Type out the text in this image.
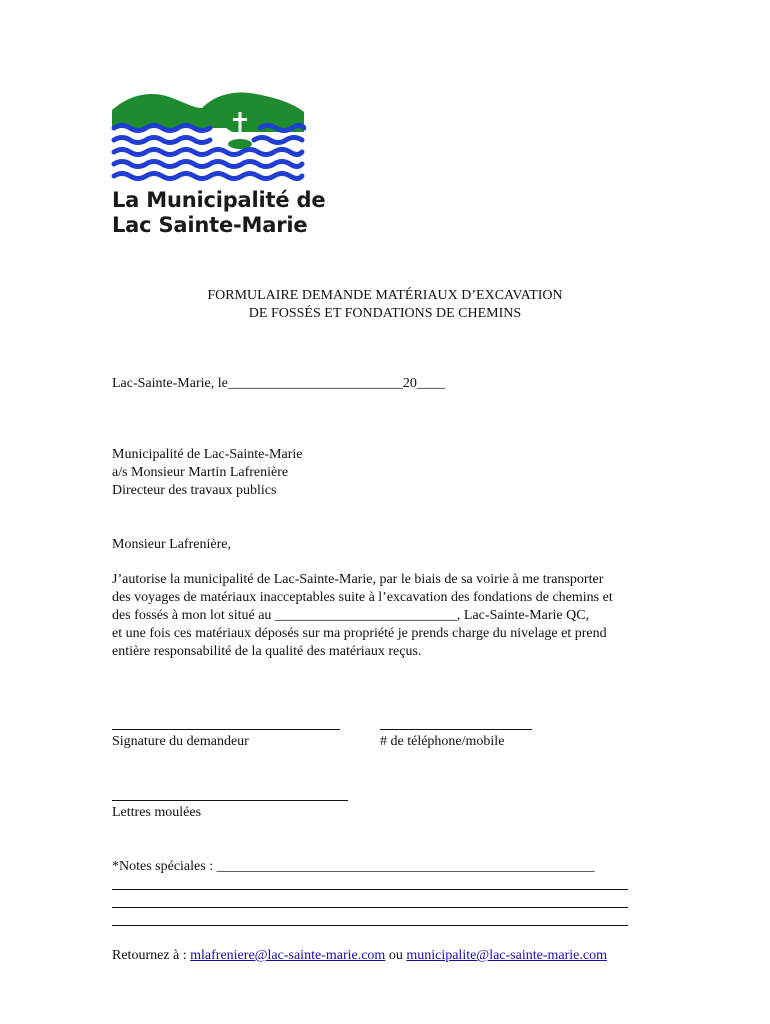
La Municipalité de
Lac Sainte-Marie
FORMULAIRE DEMANDE MATÉRIAUX D’EXCAVATION
DE FOSSÉS ET FONDATIONS DE CHEMINS
Lac-Sainte-Marie, le_________________________20____
Municipalité de Lac-Sainte-Marie
a/s Monsieur Martin Lafrenière
Directeur des travaux publics
Monsieur Lafrenière,
J’autorise la municipalité de Lac-Sainte-Marie, par le biais de sa voirie à me transporter
des voyages de matériaux inacceptables suite à l’excavation des fondations de chemins et
des fossés à mon lot situé au __________________________, Lac-Sainte-Marie QC,
et une fois ces matériaux déposés sur ma propriété je prends charge du nivelage et prend
entière responsabilité de la qualité des matériaux reçus.
Signature du demandeur	# de téléphone/mobile
Lettres moulées
*Notes spéciales : ______________________________________________________
Retournez à : mlafreniere@lac-sainte-marie.com ou municipalite@lac-sainte-marie.com
